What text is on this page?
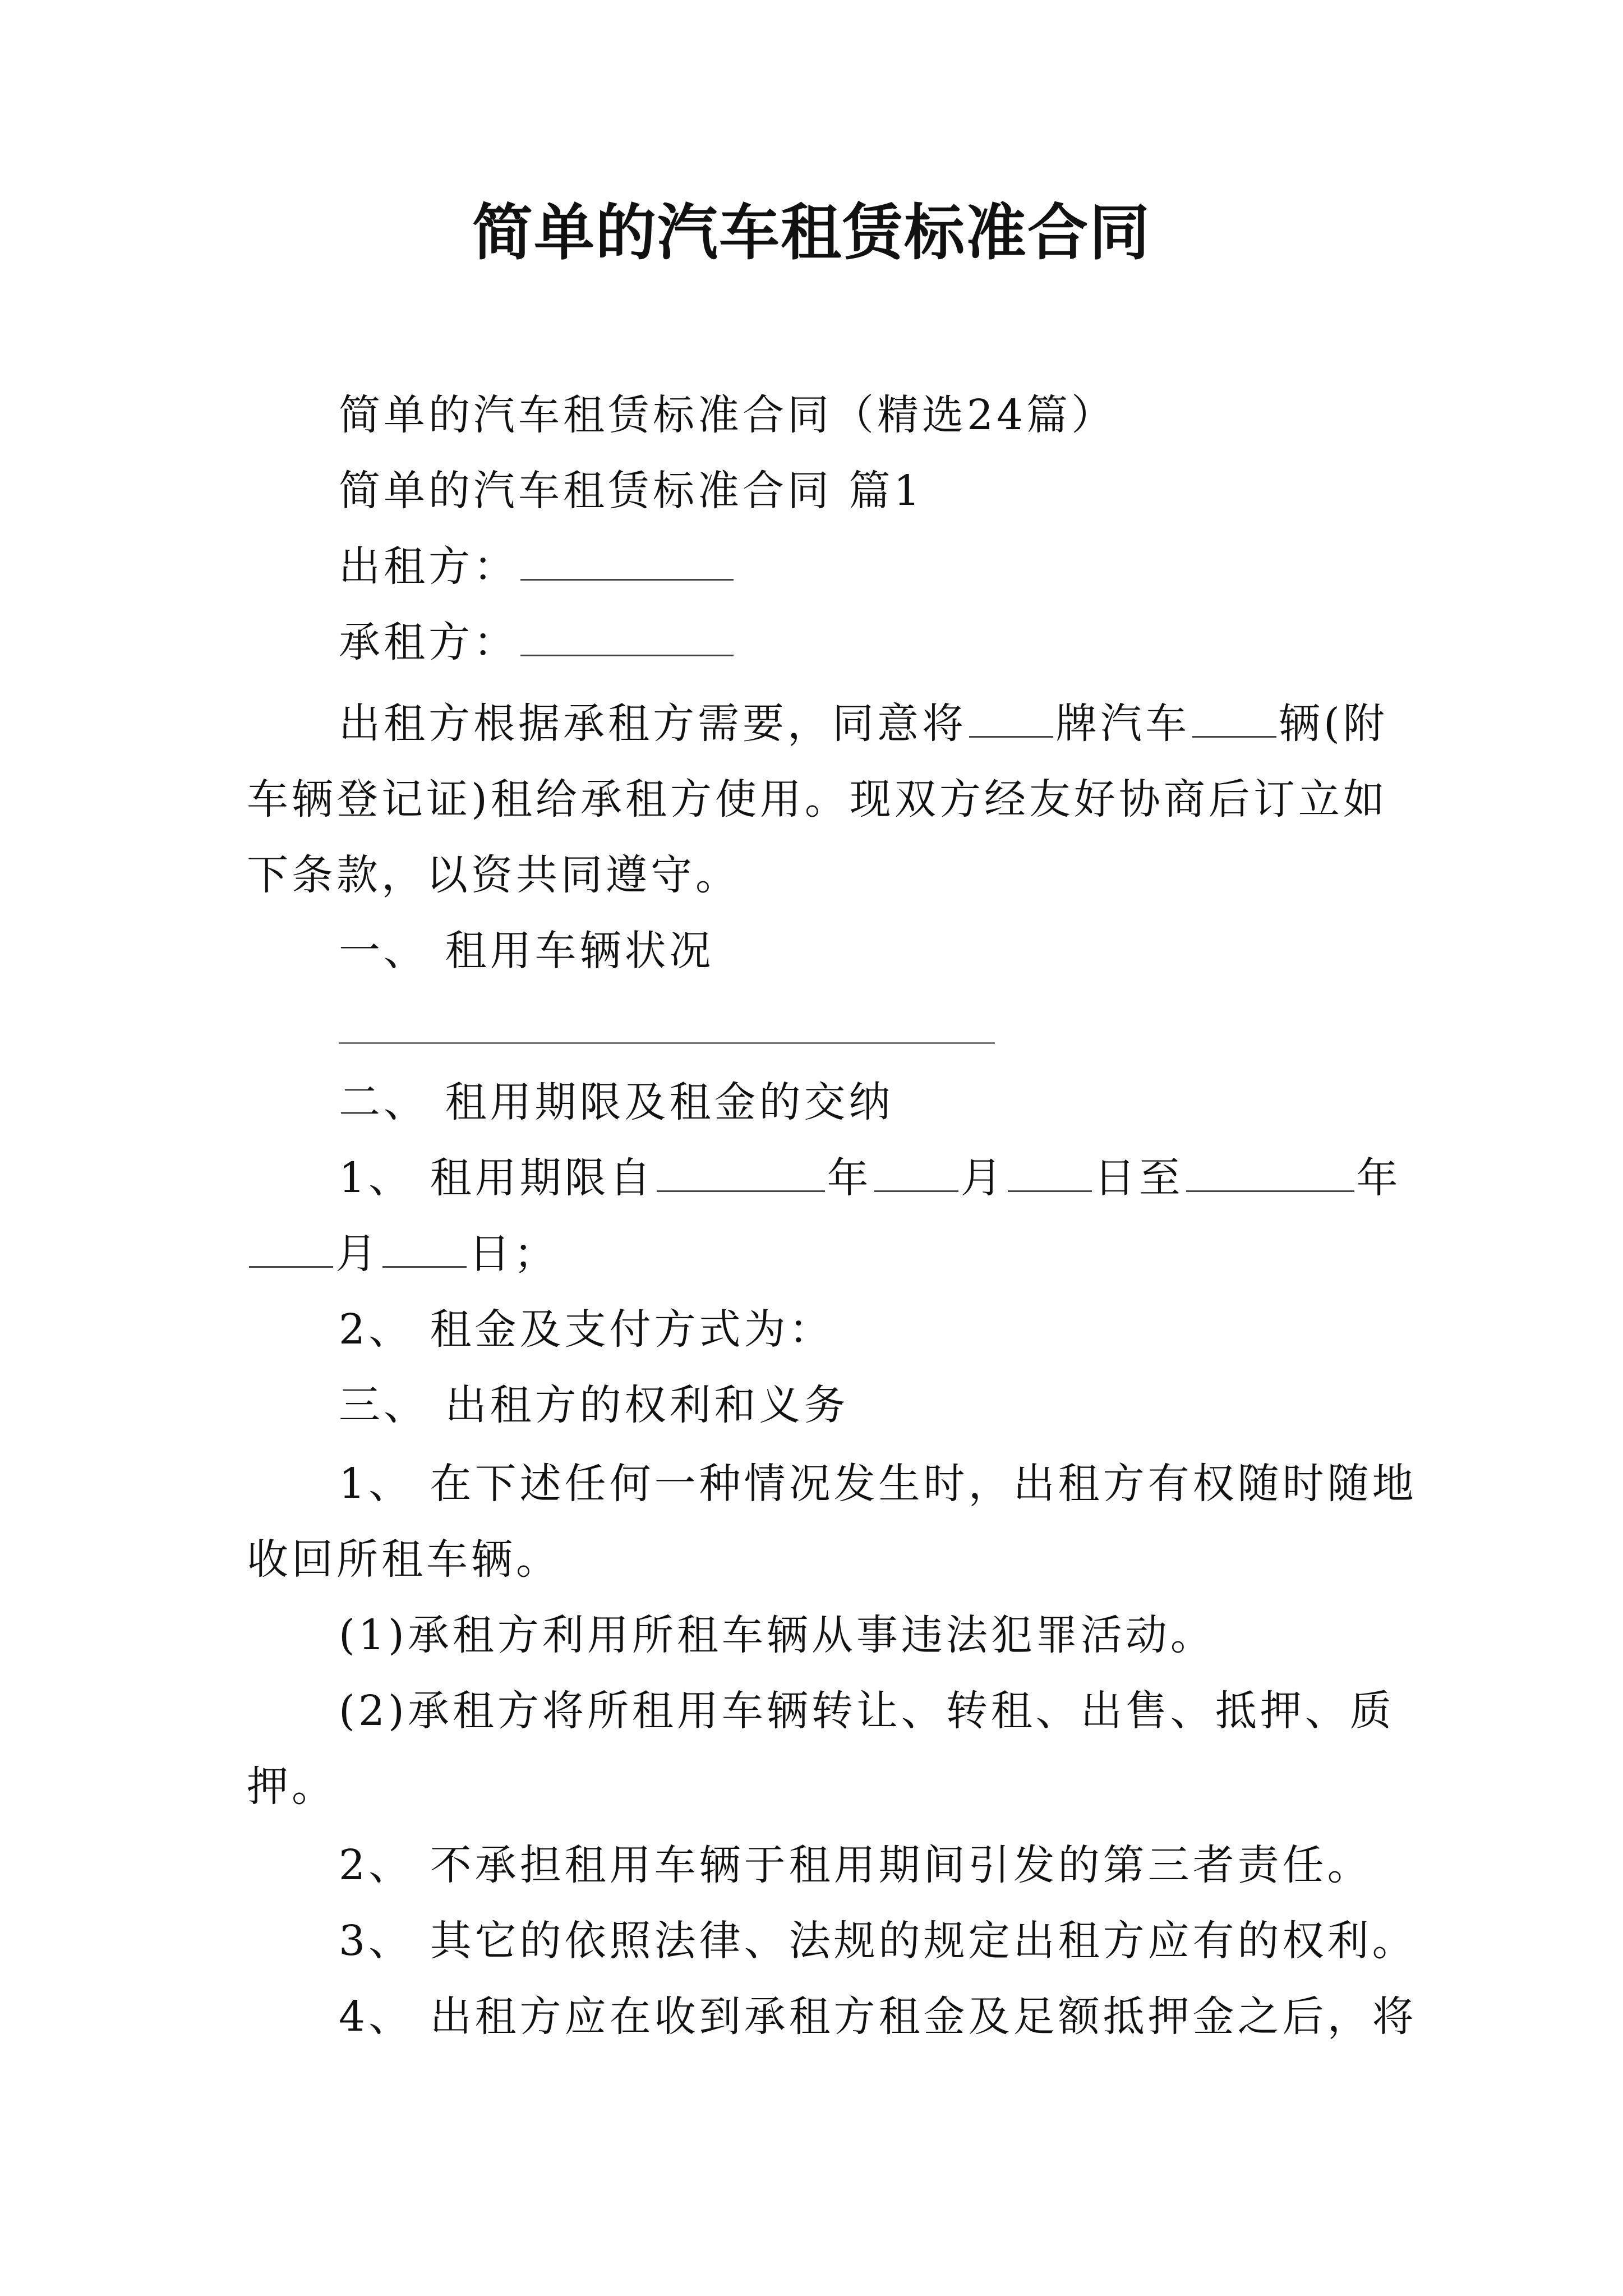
简单的汽车租赁标准合同
简单的汽车租赁标准合同（精选24篇）
简单的汽车租赁标准合同 篇1
出租方：
承租方：
出租方根据承租方需要，同意将 牌汽车 辆(附
车辆登记证)租给承租方使用。现双方经友好协商后订立如
下条款，以资共同遵守。
一、 租用车辆状况
二、 租用期限及租金的交纳
1、 租用期限自	年 月 日至	年
月 日；
2、 租金及支付方式为：
三、 出租方的权利和义务
1、 在下述任何一种情况发生时，出租方有权随时随地
收回所租车辆。
(1)承租方利用所租车辆从事违法犯罪活动。
(2)承租方将所租用车辆转让、转租、出售、抵押、质
押。
2、 不承担租用车辆于租用期间引发的第三者责任。
3、 其它的依照法律、法规的规定出租方应有的权利。
4、 出租方应在收到承租方租金及足额抵押金之后，将
